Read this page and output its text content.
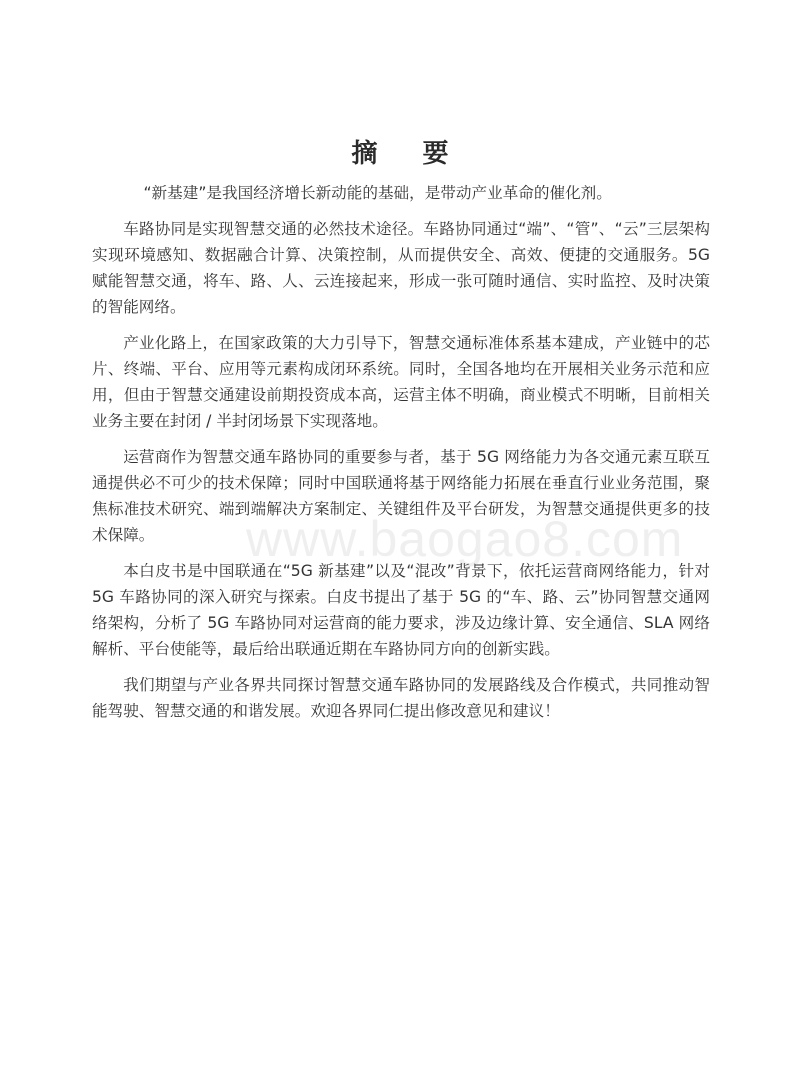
摘 要

“新基建”是我国经济增长新动能的基础，是带动产业革命的催化剂。

车路协同是实现智慧交通的必然技术途径。车路协同通过“端”、“管”、“云”三层架构实现环境感知、数据融合计算、决策控制，从而提供安全、高效、便捷的交通服务。5G 赋能智慧交通，将车、路、人、云连接起来，形成一张可随时通信、实时监控、及时决策的智能网络。

产业化路上，在国家政策的大力引导下，智慧交通标准体系基本建成，产业链中的芯片、终端、平台、应用等元素构成闭环系统。同时，全国各地均在开展相关业务示范和应用，但由于智慧交通建设前期投资成本高，运营主体不明确，商业模式不明晰，目前相关业务主要在封闭 / 半封闭场景下实现落地。

运营商作为智慧交通车路协同的重要参与者，基于 5G 网络能力为各交通元素互联互通提供必不可少的技术保障；同时中国联通将基于网络能力拓展在垂直行业业务范围，聚焦标准技术研究、端到端解决方案制定、关键组件及平台研发，为智慧交通提供更多的技术保障。

本白皮书是中国联通在“5G 新基建”以及“混改”背景下，依托运营商网络能力，针对 5G 车路协同的深入研究与探索。白皮书提出了基于 5G 的“车、路、云”协同智慧交通网络架构，分析了 5G 车路协同对运营商的能力要求，涉及边缘计算、安全通信、SLA 网络解析、平台使能等，最后给出联通近期在车路协同方向的创新实践。

我们期望与产业各界共同探讨智慧交通车路协同的发展路线及合作模式，共同推动智能驾驶、智慧交通的和谐发展。欢迎各界同仁提出修改意见和建议！

www.baogao8.com
